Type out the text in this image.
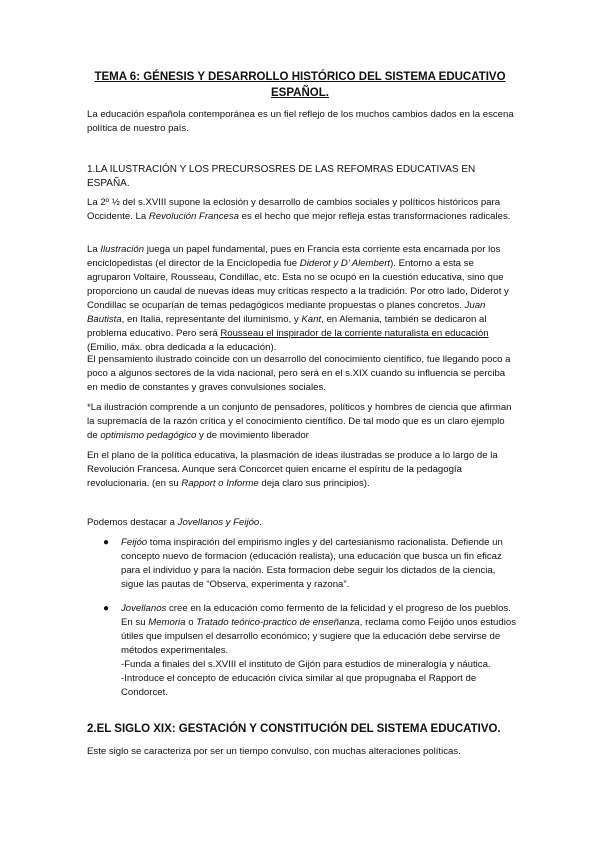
TEMA 6: GÉNESIS Y DESARROLLO HISTÓRICO DEL SISTEMA EDUCATIVO
ESPAÑOL.

La educación española contemporánea es un fiel reflejo de los muchos cambios dados en la escena política de nuestro país.

1.LA ILUSTRACIÓN Y LOS PRECURSOSRES DE LAS REFOMRAS EDUCATIVAS EN ESPAÑA.

La 2º ½ del s.XVIII supone la eclosión y desarrollo de cambios sociales y políticos históricos para Occidente. La Revolución Francesa es el hecho que mejor refleja estas transformaciones radicales.

La Ilustración juega un papel fundamental, pues en Francia esta corriente esta encarnada por los enciclopedistas (el director de la Enciclopedia fue Diderot y D’ Alembert). Entorno a esta se agruparon Voltaire, Rousseau, Condillac, etc. Esta no se ocupó en la cuestión educativa, sino que proporciono un caudal de nuevas ideas muy críticas respecto a la tradición. Por otro lado, Diderot y Condillac se ocuparían de temas pedagógicos mediante propuestas o planes concretos. Juan Bautista, en Italia, representante del iluminismo, y Kant, en Alemania, también se dedicaron al problema educativo. Pero será Rousseau el inspirador de la corriente naturalista en educación (Emilio, máx. obra dedicada a la educación).

El pensamiento ilustrado coincide con un desarrollo del conocimiento científico, fue llegando poco a poco a algunos sectores de la vida nacional, pero será en el s.XIX cuando su influencia se perciba en medio de constantes y graves convulsiones sociales.

*La ilustración comprende a un conjunto de pensadores, políticos y hombres de ciencia que afirman la supremacía de la razón crítica y el conocimiento científico. De tal modo que es un claro ejemplo de optimismo pedagógico y de movimiento liberador

En el plano de la política educativa, la plasmación de ideas ilustradas se produce a lo largo de la Revolución Francesa. Aunque será Concorcet quien encarne el espíritu de la pedagogía revolucionaria. (en su Rapport o Informe deja claro sus principios).

Podemos destacar a Jovellanos y Feijóo.

● Feijóo toma inspiración del empirismo ingles y del cartesianismo racionalista. Defiende un concepto nuevo de formacion (educación realista), una educación que busca un fin eficaz para el individuo y para la nación. Esta formacion debe seguir los dictados de la ciencia, sigue las pautas de “Observa, experimenta y razona”.

● Jovellanos cree en la educación como fermento de la felicidad y el progreso de los pueblos. En su Memoria o Tratado teórico-practico de enseñanza, reclama como Feijóo unos estudios útiles que impulsen el desarrollo económico; y sugiere que la educación debe servirse de métodos experimentales.
-Funda a finales del s.XVIII el instituto de Gijón para estudios de mineralogía y náutica.
-Introduce el concepto de educación cívica similar al que propugnaba el Rapport de Condorcet.

2.EL SIGLO XIX: GESTACIÓN Y CONSTITUCIÓN DEL SISTEMA EDUCATIVO.

Este siglo se caracteriza por ser un tiempo convulso, con muchas alteraciones políticas.
